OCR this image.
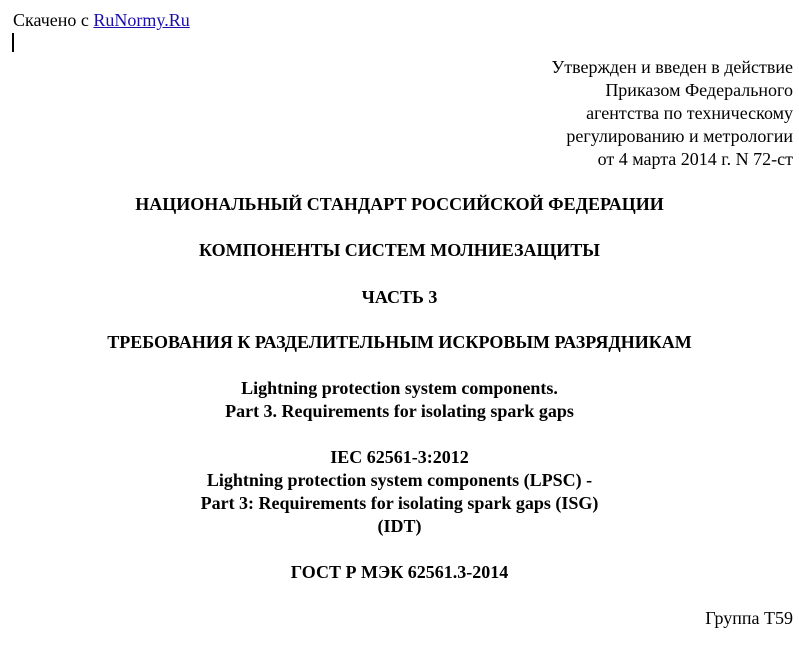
Скачено с RuNormy.Ru
Утвержден и введен в действие
Приказом Федерального
агентства по техническому
регулированию и метрологии
от 4 марта 2014 г. N 72-ст
НАЦИОНАЛЬНЫЙ СТАНДАРТ РОССИЙСКОЙ ФЕДЕРАЦИИ
КОМПОНЕНТЫ СИСТЕМ МОЛНИЕЗАЩИТЫ
ЧАСТЬ 3
ТРЕБОВАНИЯ К РАЗДЕЛИТЕЛЬНЫМ ИСКРОВЫМ РАЗРЯДНИКАМ
Lightning protection system components.
Part 3. Requirements for isolating spark gaps
IEC 62561-3:2012
Lightning protection system components (LPSC) -
Part 3: Requirements for isolating spark gaps (ISG)
(IDT)
ГОСТ Р МЭК 62561.3-2014
Группа Т59
